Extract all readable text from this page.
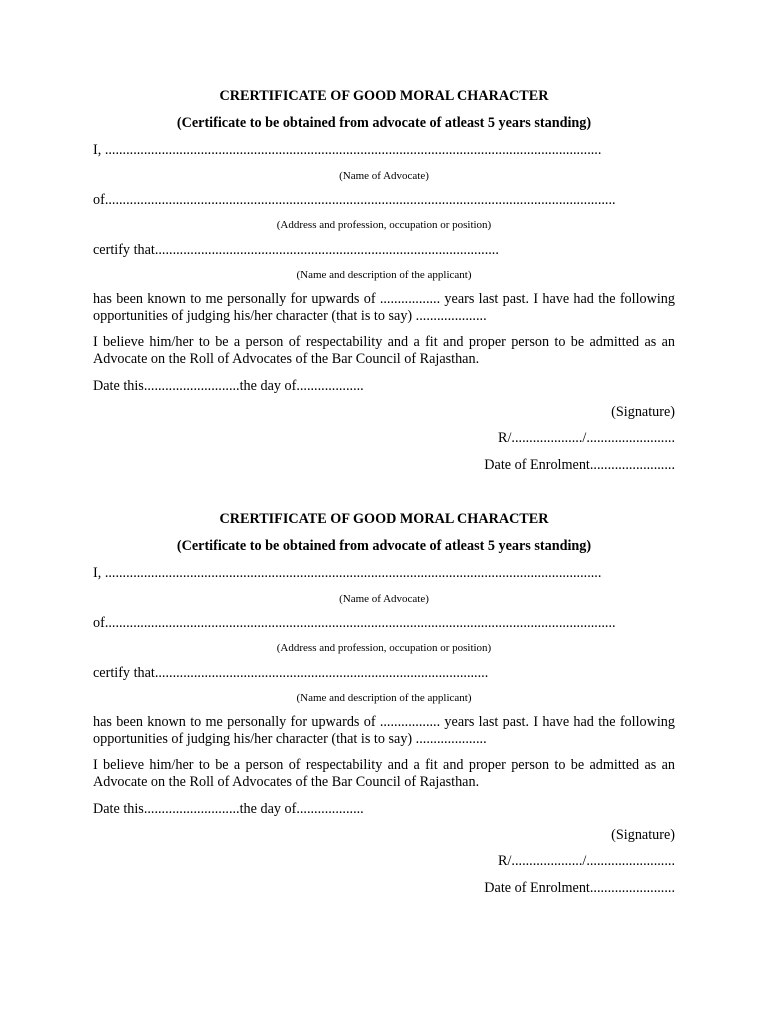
CRERTIFICATE OF GOOD MORAL CHARACTER
(Certificate to be obtained from advocate of atleast 5 years standing)
I, ............................................................................................................................................
(Name of Advocate)
of................................................................................................................................................
(Address and profession, occupation or position)
certify that.................................................................................................
(Name and description of the applicant)
has been known to me personally for upwards of ................. years last past. I have had the following opportunities of judging his/her character (that is to say) ....................
I believe him/her to be a person of respectability and a fit and proper person to be admitted as an Advocate on the Roll of Advocates of the Bar Council of Rajasthan.
Date this...........................the day of...................
(Signature)
R/..................../.........................
Date of Enrolment........................
CRERTIFICATE OF GOOD MORAL CHARACTER
(Certificate to be obtained from advocate of atleast 5 years standing)
I, ............................................................................................................................................
(Name of Advocate)
of................................................................................................................................................
(Address and profession, occupation or position)
certify that..............................................................................................
(Name and description of the applicant)
has been known to me personally for upwards of ................. years last past. I have had the following opportunities of judging his/her character (that is to say) ....................
I believe him/her to be a person of respectability and a fit and proper person to be admitted as an Advocate on the Roll of Advocates of the Bar Council of Rajasthan.
Date this...........................the day of...................
(Signature)
R/..................../.........................
Date of Enrolment........................
